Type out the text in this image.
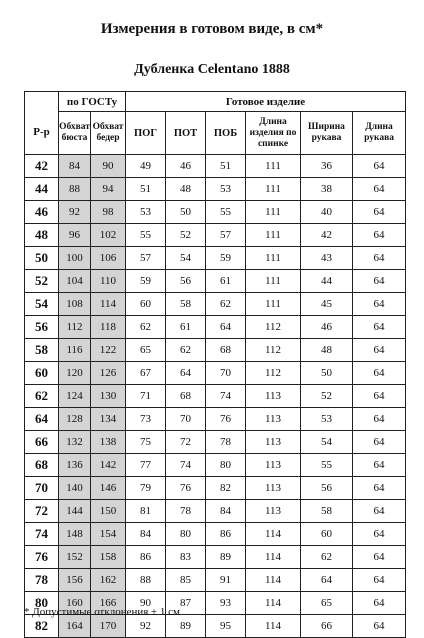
Измерения в готовом виде, в см*
Дубленка Celentano 1888
	по ГОСТу		Готовое изделие					
Р-р	Обхват бюста	Обхват бедер	ПОГ	ПОТ	ПОБ	Длина изделия по спинке	Ширина рукава	Длина рукава
42	84	90	49	46	51	111	36	64
44	88	94	51	48	53	111	38	64
46	92	98	53	50	55	111	40	64
48	96	102	55	52	57	111	42	64
50	100	106	57	54	59	111	43	64
52	104	110	59	56	61	111	44	64
54	108	114	60	58	62	111	45	64
56	112	118	62	61	64	112	46	64
58	116	122	65	62	68	112	48	64
60	120	126	67	64	70	112	50	64
62	124	130	71	68	74	113	52	64
64	128	134	73	70	76	113	53	64
66	132	138	75	72	78	113	54	64
68	136	142	77	74	80	113	55	64
70	140	146	79	76	82	113	56	64
72	144	150	81	78	84	113	58	64
74	148	154	84	80	86	114	60	64
76	152	158	86	83	89	114	62	64
78	156	162	88	85	91	114	64	64
80	160	166	90	87	93	114	65	64
82	164	170	92	89	95	114	66	64
* Допустимые отклонения ± 1 см
